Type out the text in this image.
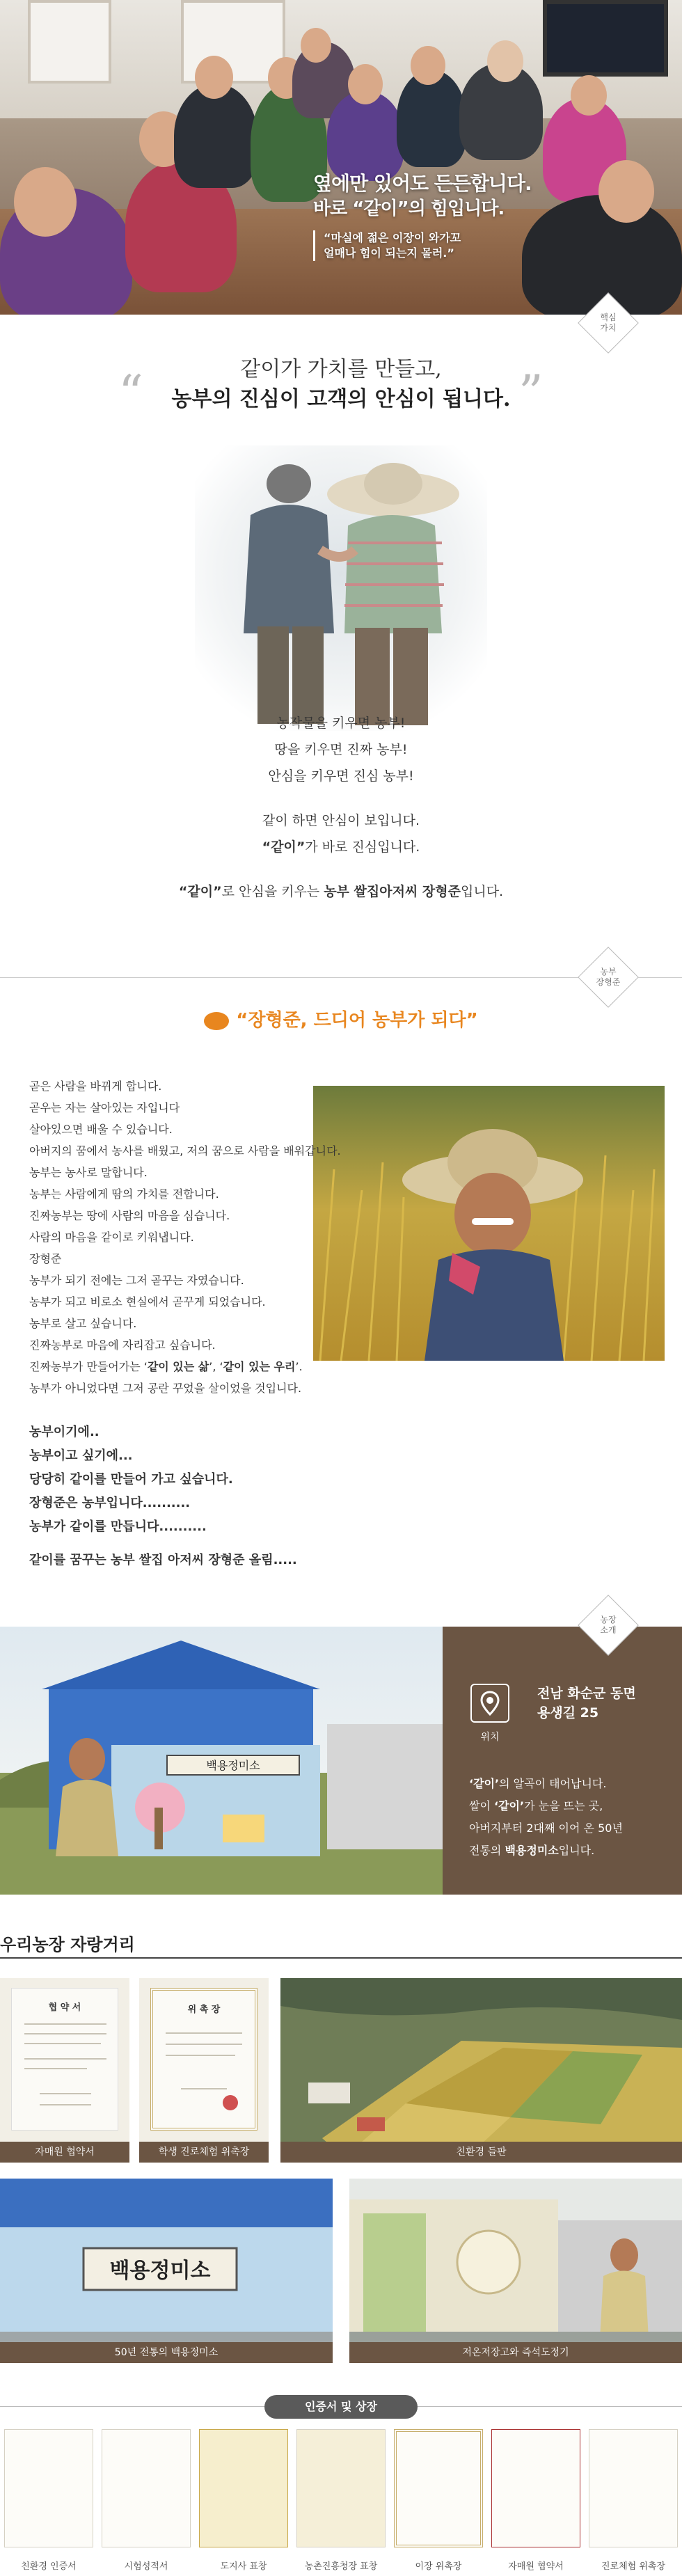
옆에만 있어도 든든합니다.
바로 “같이”의 힘입니다.
“마실에 젊은 이장이 와가꼬
얼매나 힘이 되는지 몰러.”
핵심
가치
“	”
같이가 가치를 만들고,
농부의 진심이 고객의 안심이 됩니다.
농작물을 키우면 농부!
땅을 키우면 진짜 농부!
안심을 키우면 진심 농부!
같이 하면 안심이 보입니다.
“같이”가 바로 진심입니다.
“같이”로 안심을 키우는 농부 쌀집아저씨 장형준입니다.
농부
장형준
“장형준, 드디어 농부가 되다”
곧은 사람을 바뀌게 합니다.
곧우는 자는 살아있는 자입니다
살아있으면 배울 수 있습니다.
아버지의 꿈에서 농사를 배웠고, 저의 꿈으로 사람을 배워갑니다.
농부는 농사로 말합니다.
농부는 사람에게 땀의 가치를 전합니다.
진짜농부는 땅에 사람의 마음을 심습니다.
사람의 마음을 같이로 키워냅니다.
장형준
농부가 되기 전에는 그저 곧꾸는 자였습니다.
농부가 되고 비로소 현실에서 곧꾸게 되었습니다.
농부로 살고 싶습니다.
진짜농부로 마음에 자리잡고 싶습니다.
진짜농부가 만들어가는 ‘같이 있는 삶’, ‘같이 있는 우리’.
농부가 아니었다면 그저 공란 꾸었을 살이었을 것입니다.
농부이기에..
농부이고 싶기에...
당당히 같이를 만들어 가고 싶습니다.
장형준은 농부입니다..........
농부가 같이를 만듭니다..........
같이를 꿈꾸는 농부 쌀집 아저씨 장형준 올림.....
백용정미소
위치
전남 화순군 동면
용생길 25
‘같이’의 알곡이 태어납니다.
쌀이 ‘같이’가 눈을 뜨는 곳,
아버지부터 2대째 이어 온 50년
전통의 백용정미소입니다.
농장
소개
우리농장 자랑거리
협 약 서
자매원 협약서
위 촉 장
학생 진로체험 위촉장	친환경 들판
백용정미소
50년 전통의 백용정미소	저온저장고와 즉석도정기
인증서 및 상장
친환경 인증서	시험성적서	도지사 표창	농촌진흥청장 표창	이장 위촉장	자매원 협약서	진로체험 위촉장
